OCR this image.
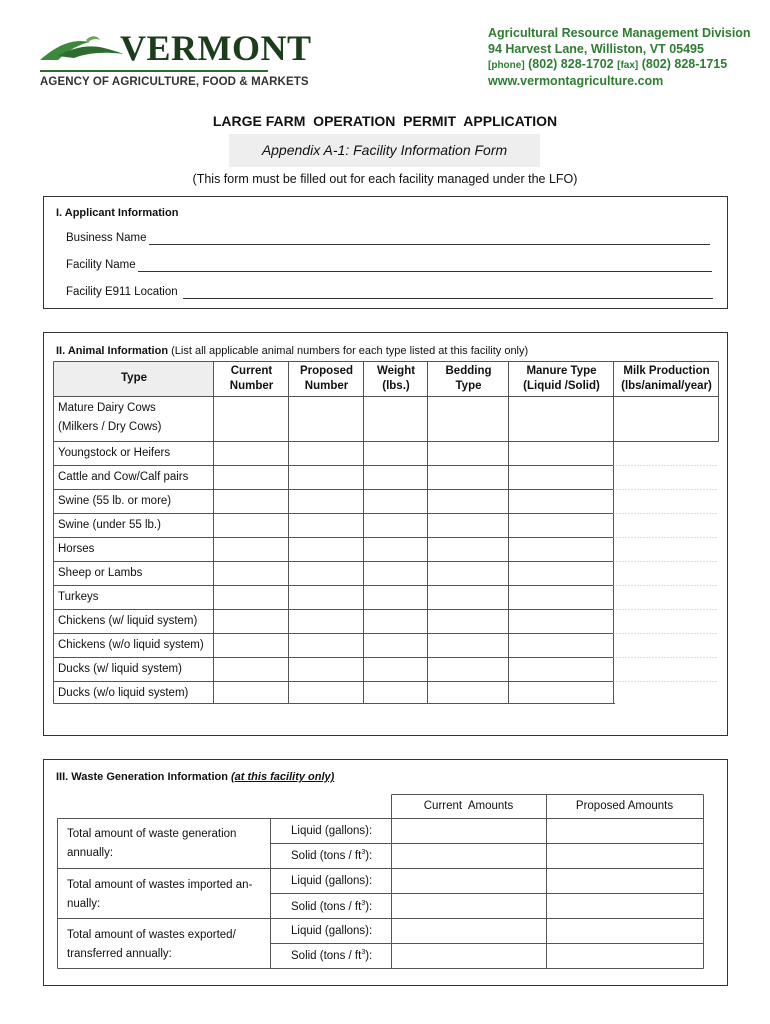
VERMONT
AGENCY OF AGRICULTURE, FOOD & MARKETS
Agricultural Resource Management Division
94 Harvest Lane, Williston, VT 05495
[phone] (802) 828-1702 [fax] (802) 828-1715
www.vermontagriculture.com
LARGE FARM  OPERATION  PERMIT  APPLICATION
Appendix A-1: Facility Information Form
(This form must be filled out for each facility managed under the LFO)
I. Applicant Information
Business Name
Facility Name
Facility E911 Location
II. Animal Information (List all applicable animal numbers for each type listed at this facility only)
Type
Current
Number
Proposed
Number
Weight
(lbs.)
Bedding
Type
Manure Type
(Liquid /Solid)
Milk Production
(lbs/animal/year)
Mature Dairy Cows
(Milkers / Dry Cows)
Youngstock or Heifers
Cattle and Cow/Calf pairs
Swine (55 lb. or more)
Swine (under 55 lb.)
Horses
Sheep or Lambs
Turkeys
Chickens (w/ liquid system)
Chickens (w/o liquid system)
Ducks (w/ liquid system)
Ducks (w/o liquid system)
III. Waste Generation Information (at this facility only)
Current  Amounts	Proposed Amounts
Total amount of waste generation
annually:
Liquid (gallons):
Solid (tons / $ft^3$):
Total amount of wastes imported an-
nually:
Liquid (gallons):
Solid (tons / $ft^3$):
Total amount of wastes exported/
transferred annually:
Liquid (gallons):
Solid (tons / $ft^3$):
